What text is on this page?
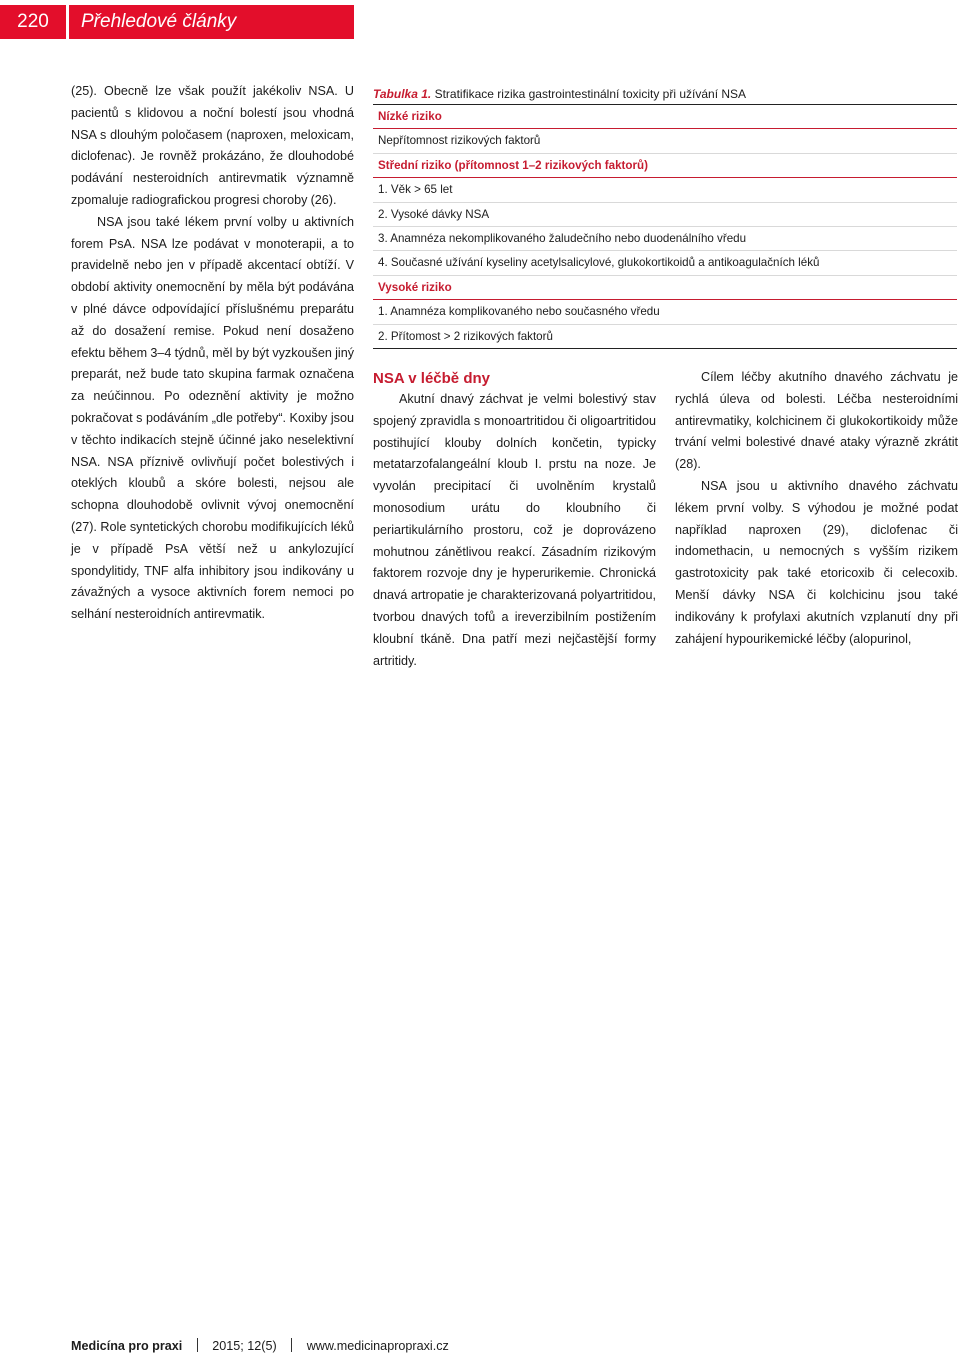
220	Přehledové články

(25). Obecně lze však použít jakékoliv NSA. U pacientů s klidovou a noční bolestí jsou vhodná NSA s dlouhým poločasem (naproxen, meloxicam, diclofenac). Je rovněž prokázáno, že dlouhodobé podávání nesteroidních antirevmatik významně zpomaluje radiografickou progresi choroby (26).

NSA jsou také lékem první volby u aktivních forem PsA. NSA lze podávat v monoterapii, a to pravidelně nebo jen v případě akcentací obtíží. V období aktivity onemocnění by měla být podávána v plné dávce odpovídající příslušnému preparátu až do dosažení remise. Pokud není dosaženo efektu během 3–4 týdnů, měl by být vyzkoušen jiný preparát, než bude tato skupina farmak označena za neúčinnou. Po odeznění aktivity je možno pokračovat s podáváním „dle potřeby“. Koxiby jsou v těchto indikacích stejně účinné jako neselektivní NSA. NSA příznivě ovlivňují počet bolestivých i oteklých kloubů a skóre bolesti, nejsou ale schopna dlouhodobě ovlivnit vývoj onemocnění (27). Role syntetických chorobu modifikujících léků je v případě PsA větší než u ankylozující spondylitidy, TNF alfa inhibitory jsou indikovány u závažných a vysoce aktivních forem nemoci po selhání nesteroidních antirevmatik.

Tabulka 1. Stratifikace rizika gastrointestinální toxicity při užívání NSA
Nízké riziko
Nepřítomnost rizikových faktorů
Střední riziko (přítomnost 1–2 rizikových faktorů)
1. Věk > 65 let
2. Vysoké dávky NSA
3. Anamnéza nekomplikovaného žaludečního nebo duodenálního vředu
4. Současné užívání kyseliny acetylsalicylové, glukokortikoidů a antikoagulačních léků
Vysoké riziko
1. Anamnéza komplikovaného nebo současného vředu
2. Přítomost > 2 rizikových faktorů
NSA v léčbě dny

Akutní dnavý záchvat je velmi bolestivý stav spojený zpravidla s monoartritidou či oligoartritidou postihující klouby dolních končetin, typicky metatarzofalangeální kloub I. prstu na noze. Je vyvolán precipitací či uvolněním krystalů monosodium urátu do kloubního či periartikulárního prostoru, což je doprovázeno mohutnou zánětlivou reakcí. Zásadním rizikovým faktorem rozvoje dny je hyperurikemie. Chronická dnavá artropatie je charakterizovaná polyartritidou, tvorbou dnavých tofů a ireverzibilním postižením kloubní tkáně. Dna patří mezi nejčastější formy artritidy.

Cílem léčby akutního dnavého záchvatu je rychlá úleva od bolesti. Léčba nesteroidními antirevmatiky, kolchicinem či glukokortikoidy může trvání velmi bolestivé dnavé ataky výrazně zkrátit (28).

NSA jsou u aktivního dnavého záchvatu lékem první volby. S výhodou je možné podat například naproxen (29), diclofenac či indomethacin, u nemocných s vyšším rizikem gastrotoxicity pak také etoricoxib či celecoxib. Menší dávky NSA či kolchicinu jsou také indikovány k profylaxi akutních vzplanutí dny při zahájení hypourikemické léčby (alopurinol,

Medicína pro praxi 2015; 12(5) www.medicinapropraxi.cz
